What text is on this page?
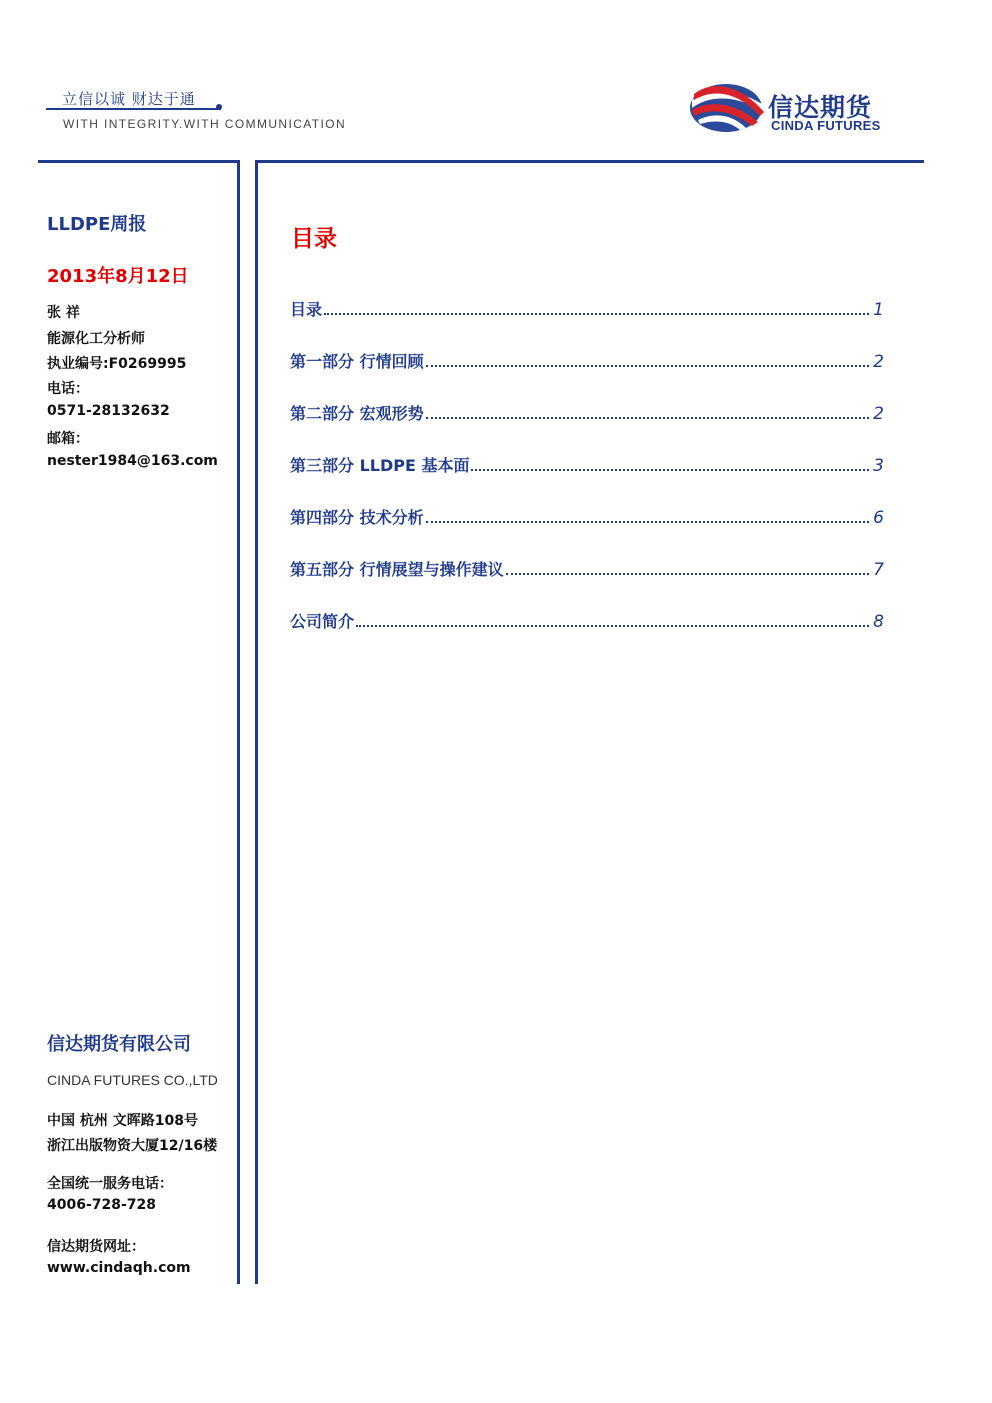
立信以诚 财达于通
WITH INTEGRITY.WITH COMMUNICATION
信达期货
CINDA FUTURES
LLDPE周报
2013年8月12日
张 祥
能源化工分析师
执业编号:F0269995
电话：
0571-28132632
邮箱：
nester1984@163.com
信达期货有限公司
CINDA FUTURES CO.,LTD
中国 杭州 文晖路108号
浙江出版物资大厦12/16楼
全国统一服务电话：
4006-728-728
信达期货网址：
www.cindaqh.com
目录
目录	1
第一部分 行情回顾	2
第二部分 宏观形势	2
第三部分 LLDPE 基本面	3
第四部分 技术分析	6
第五部分 行情展望与操作建议	7
公司简介	8
